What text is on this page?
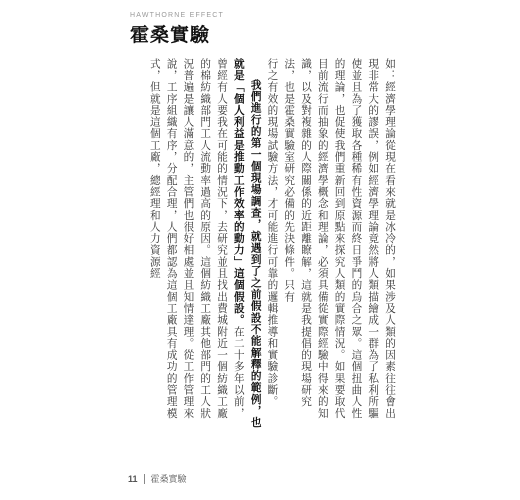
HAWTHORNE EFFECT
霍桑實驗

如：經濟學理論從現在看來就是冰冷的，如果涉及人類的因素往往會出現非常大的謬誤，例如經濟學理論竟然將人類描繪成一群為了私利所驅使並且為了獲取各種稀有性資源而終日爭鬥的烏合之眾。這個扭曲人性的理論，也促使我們重新回到原點來探究人類的實際情況。如果要取代目前流行而抽象的經濟學概念和理論，必須具備從實際經驗中得來的知識，以及對複雜的人際關係的近距離瞭解，這就是我提倡的現場研究法，也是霍桑實驗室研究必備的先決條件。只有

行之有效的現場試驗方法，才可能進行可靠的邏輯推導和實驗診斷。

我們進行的第一個現場調查，就遇到了之前假設不能解釋的範例，也就是「個人利益是推動工作效率的動力」這個假設。在二十多年以前，曾經有人要我在可能的情況下，去研究並且找出費城附近一個紡織工廠的棉紡織部門工人流動率過高的原因。這個紡織工廠其他部門的工人狀況普遍是讓人滿意的，主管們也很好相處並且知情達理。從工作管理來說，工序組織有序，分配合理，人們都認為這個工廠具有成功的管理模式，但就是這個工廠，總經理和人力資源經

11 霍桑實驗
